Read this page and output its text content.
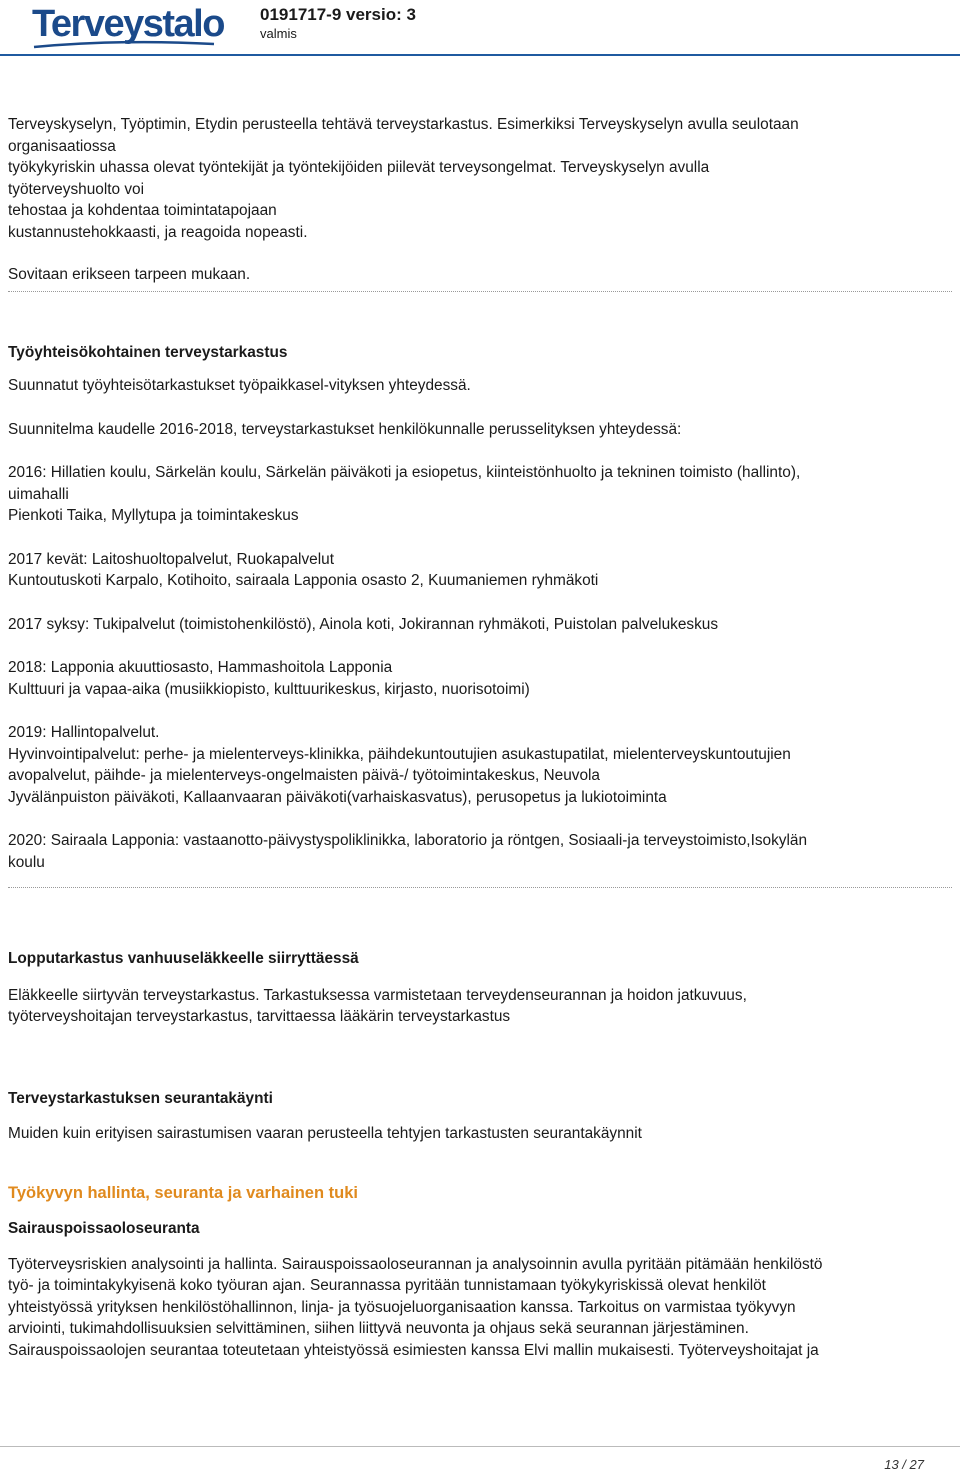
Terveystalo 0191717-9 versio: 3
valmis

Terveyskyselyn, Työptimin, Etydin perusteella tehtävä terveystarkastus. Esimerkiksi Terveyskyselyn avulla seulotaan

organisaatiossa

työkykyriskin uhassa olevat työntekijät ja työntekijöiden piilevät terveysongelmat. Terveyskyselyn avulla

työterveyshuolto voi

tehostaa ja kohdentaa toimintatapojaan

kustannustehokkaasti, ja reagoida nopeasti.

Sovitaan erikseen tarpeen mukaan.

Työyhteisökohtainen terveystarkastus

Suunnatut työyhteisötarkastukset työpaikkasel-vityksen yhteydessä.

Suunnitelma kaudelle 2016-2018, terveystarkastukset henkilökunnalle perusselityksen yhteydessä:

2016: Hillatien koulu, Särkelän koulu, Särkelän päiväkoti ja esiopetus, kiinteistönhuolto ja tekninen toimisto (hallinto),

uimahalli

Pienkoti Taika, Myllytupa ja toimintakeskus

2017 kevät: Laitoshuoltopalvelut, Ruokapalvelut

Kuntoutuskoti Karpalo, Kotihoito, sairaala Lapponia osasto 2, Kuumaniemen ryhmäkoti

2017 syksy: Tukipalvelut (toimistohenkilöstö), Ainola koti, Jokirannan ryhmäkoti, Puistolan palvelukeskus

2018: Lapponia akuuttiosasto, Hammashoitola Lapponia

Kulttuuri ja vapaa-aika (musiikkiopisto, kulttuurikeskus, kirjasto, nuorisotoimi)

2019: Hallintopalvelut.

Hyvinvointipalvelut: perhe- ja mielenterveys-klinikka, päihdekuntoutujien asukastupatilat, mielenterveyskuntoutujien

avopalvelut, päihde- ja mielenterveys-ongelmaisten päivä-/ työtoimintakeskus, Neuvola

Jyvälänpuiston päiväkoti, Kallaanvaaran päiväkoti(varhaiskasvatus), perusopetus ja lukiotoiminta

2020: Sairaala Lapponia: vastaanotto-päivystyspoliklinikka, laboratorio ja röntgen, Sosiaali-ja terveystoimisto,Isokylän

koulu

Lopputarkastus vanhuuseläkkeelle siirryttäessä

Eläkkeelle siirtyvän terveystarkastus. Tarkastuksessa varmistetaan terveydenseurannan ja hoidon jatkuvuus,

työterveyshoitajan terveystarkastus, tarvittaessa lääkärin terveystarkastus

Terveystarkastuksen seurantakäynti

Muiden kuin erityisen sairastumisen vaaran perusteella tehtyjen tarkastusten seurantakäynnit

Työkyvyn hallinta, seuranta ja varhainen tuki

Sairauspoissaoloseuranta

Työterveysriskien analysointi ja hallinta. Sairauspoissaoloseurannan ja analysoinnin avulla pyritään pitämään henkilöstö

työ- ja toimintakykyisenä koko työuran ajan. Seurannassa pyritään tunnistamaan työkykyriskissä olevat henkilöt

yhteistyössä yrityksen henkilöstöhallinnon, linja- ja työsuojeluorganisaation kanssa. Tarkoitus on varmistaa työkyvyn

arviointi, tukimahdollisuuksien selvittäminen, siihen liittyvä neuvonta ja ohjaus sekä seurannan järjestäminen.

Sairauspoissaolojen seurantaa toteutetaan yhteistyössä esimiesten kanssa Elvi mallin mukaisesti. Työterveyshoitajat ja

13 / 27
